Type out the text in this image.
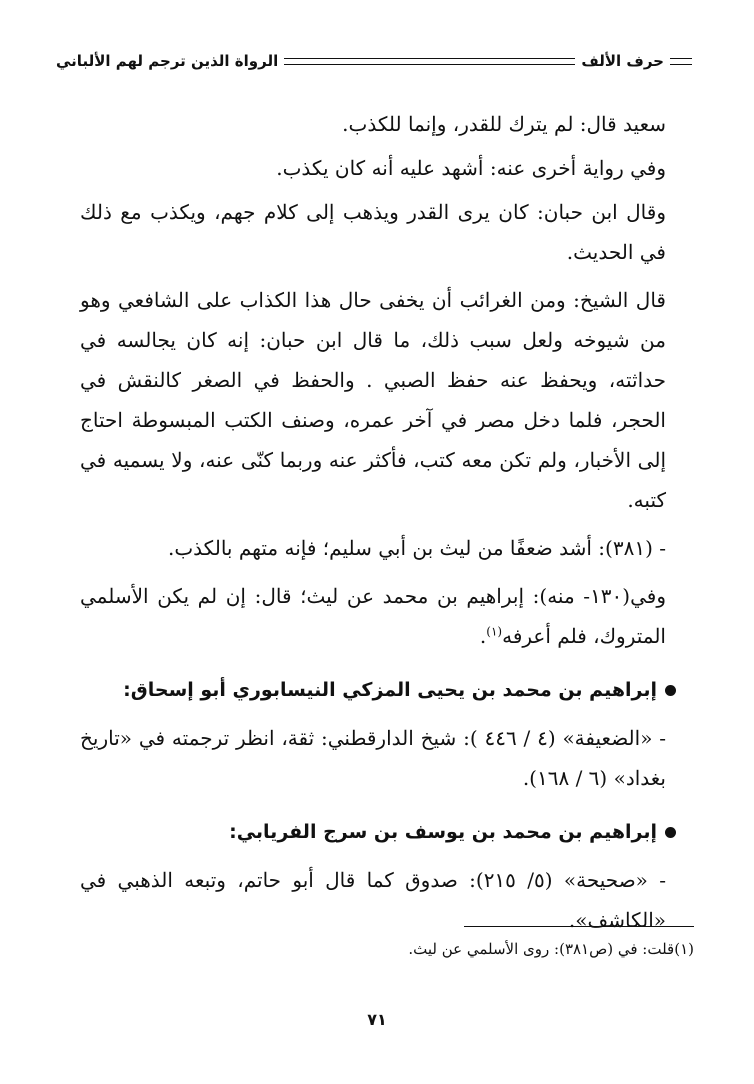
حرف الألف
الرواة الذين ترجم لهم الألباني

سعيد قال: لم يترك للقدر، وإنما للكذب.

وفي رواية أخرى عنه: أشهد عليه أنه كان يكذب.

وقال ابن حبان: كان يرى القدر ويذهب إلى كلام جهم، ويكذب مع ذلك في الحديث.

قال الشيخ: ومن الغرائب أن يخفى حال هذا الكذاب على الشافعي وهو من شيوخه ولعل سبب ذلك، ما قال ابن حبان: إنه كان يجالسه في حداثته، ويحفظ عنه حفظ الصبي . والحفظ في الصغر كالنقش في الحجر، فلما دخل مصر في آخر عمره، وصنف الكتب المبسوطة احتاج إلى الأخبار، ولم تكن معه كتب، فأكثر عنه وربما كنّى عنه، ولا يسميه في كتبه.

- (٣٨١): أشد ضعفًا من ليث بن أبي سليم؛ فإنه متهم بالكذب.

وفي(١٣٠- منه): إبراهيم بن محمد عن ليث؛ قال: إن لم يكن الأسلمي المتروك، فلم أعرفه$^{(١)}$.

إبراهيم بن محمد بن يحيى المزكي النيسابوري أبو إسحاق:

- «الضعيفة» (٤ / ٤٤٦ ): شيخ الدارقطني: ثقة، انظر ترجمته في «تاريخ بغداد» (٦ / ١٦٨).

إبراهيم بن محمد بن يوسف بن سرج الفريابي:

- «صحيحة» (٥/ ٢١٥): صدوق كما قال أبو حاتم، وتبعه الذهبي في «الكاشف».

(١)قلت: في (ص٣٨١): روى الأسلمي عن ليث.
٧١
